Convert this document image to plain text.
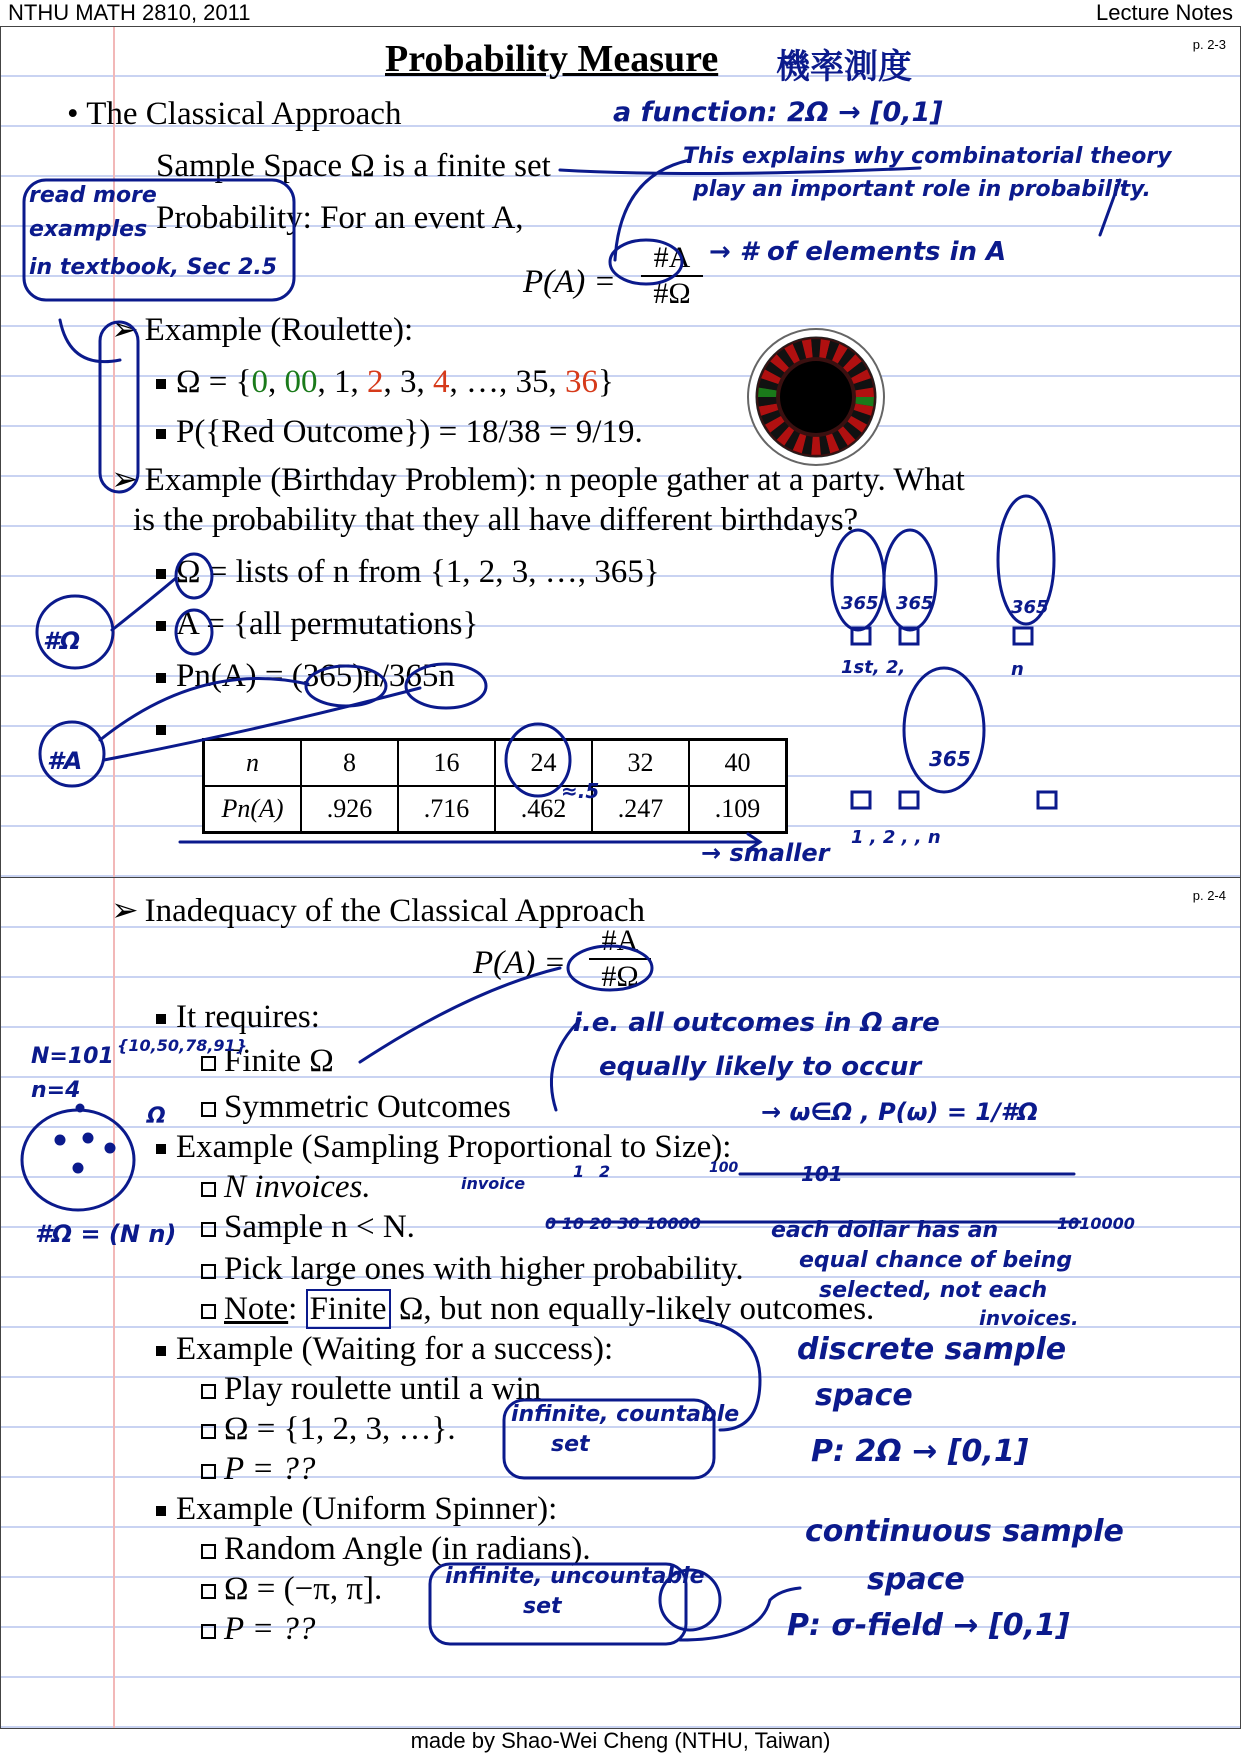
NTHU MATH 2810, 2011	Lecture Notes
p. 2-3
Probability Measure 機率測度
a function: 2Ω → [0,1]
• The Classical Approach
Sample Space Ω is a finite set
Probability: For an event A,
This explains why combinatorial theory
play an important role in probability.
read more
examples
in textbook, Sec 2.5	P(A) =
#A
#Ω
→ # of elements in A
➢ Example (Roulette):
Ω = {0, 00, 1, 2, 3, 4, …, 35, 36}
P({Red Outcome}) = 18/38 = 9/19.
➢ Example (Birthday Problem): n people gather at a party. What
is the probability that they all have different birthdays?
Ω = lists of n from {1, 2, 3, …, 365}
A = {all permutations}
Pn(A) = (365)n/365n
n	8	16	24	32	40
Pn(A)	.926	.716	.462	.247	.109
#Ω
#A
≈.5
→ smaller
365 365	365
1st, 2,	n
365
1 , 2 , , n
p. 2-4
➢ Inadequacy of the Classical Approach
P(A) =
#A
#Ω
It requires:
Finite Ω
Symmetric Outcomes
i.e. all outcomes in Ω are
equally likely to occur
→ ω∈Ω , P(ω) = 1/#Ω
N=101 {10,50,78,91}
n=4
Ω
#Ω = (N n)
Example (Sampling Proportional to Size):
N invoices.
Sample n < N.
Pick large ones with higher probability.
Note: Finite Ω, but non equally-likely outcomes.
invoice
0 10 20 30 10000
100	101
1010000
1 2
each dollar has an
equal chance of being
selected, not each
invoices.
Example (Waiting for a success):
Play roulette until a win
Ω = {1, 2, 3, …}.
P = ??
infinite, countable
set
discrete sample
space
P: 2Ω → [0,1]
Example (Uniform Spinner):
Random Angle (in radians).
Ω = (−π, π].
P = ??
infinite, uncountable
set
continuous sample
space
P: σ-field → [0,1]
made by Shao-Wei Cheng (NTHU, Taiwan)
